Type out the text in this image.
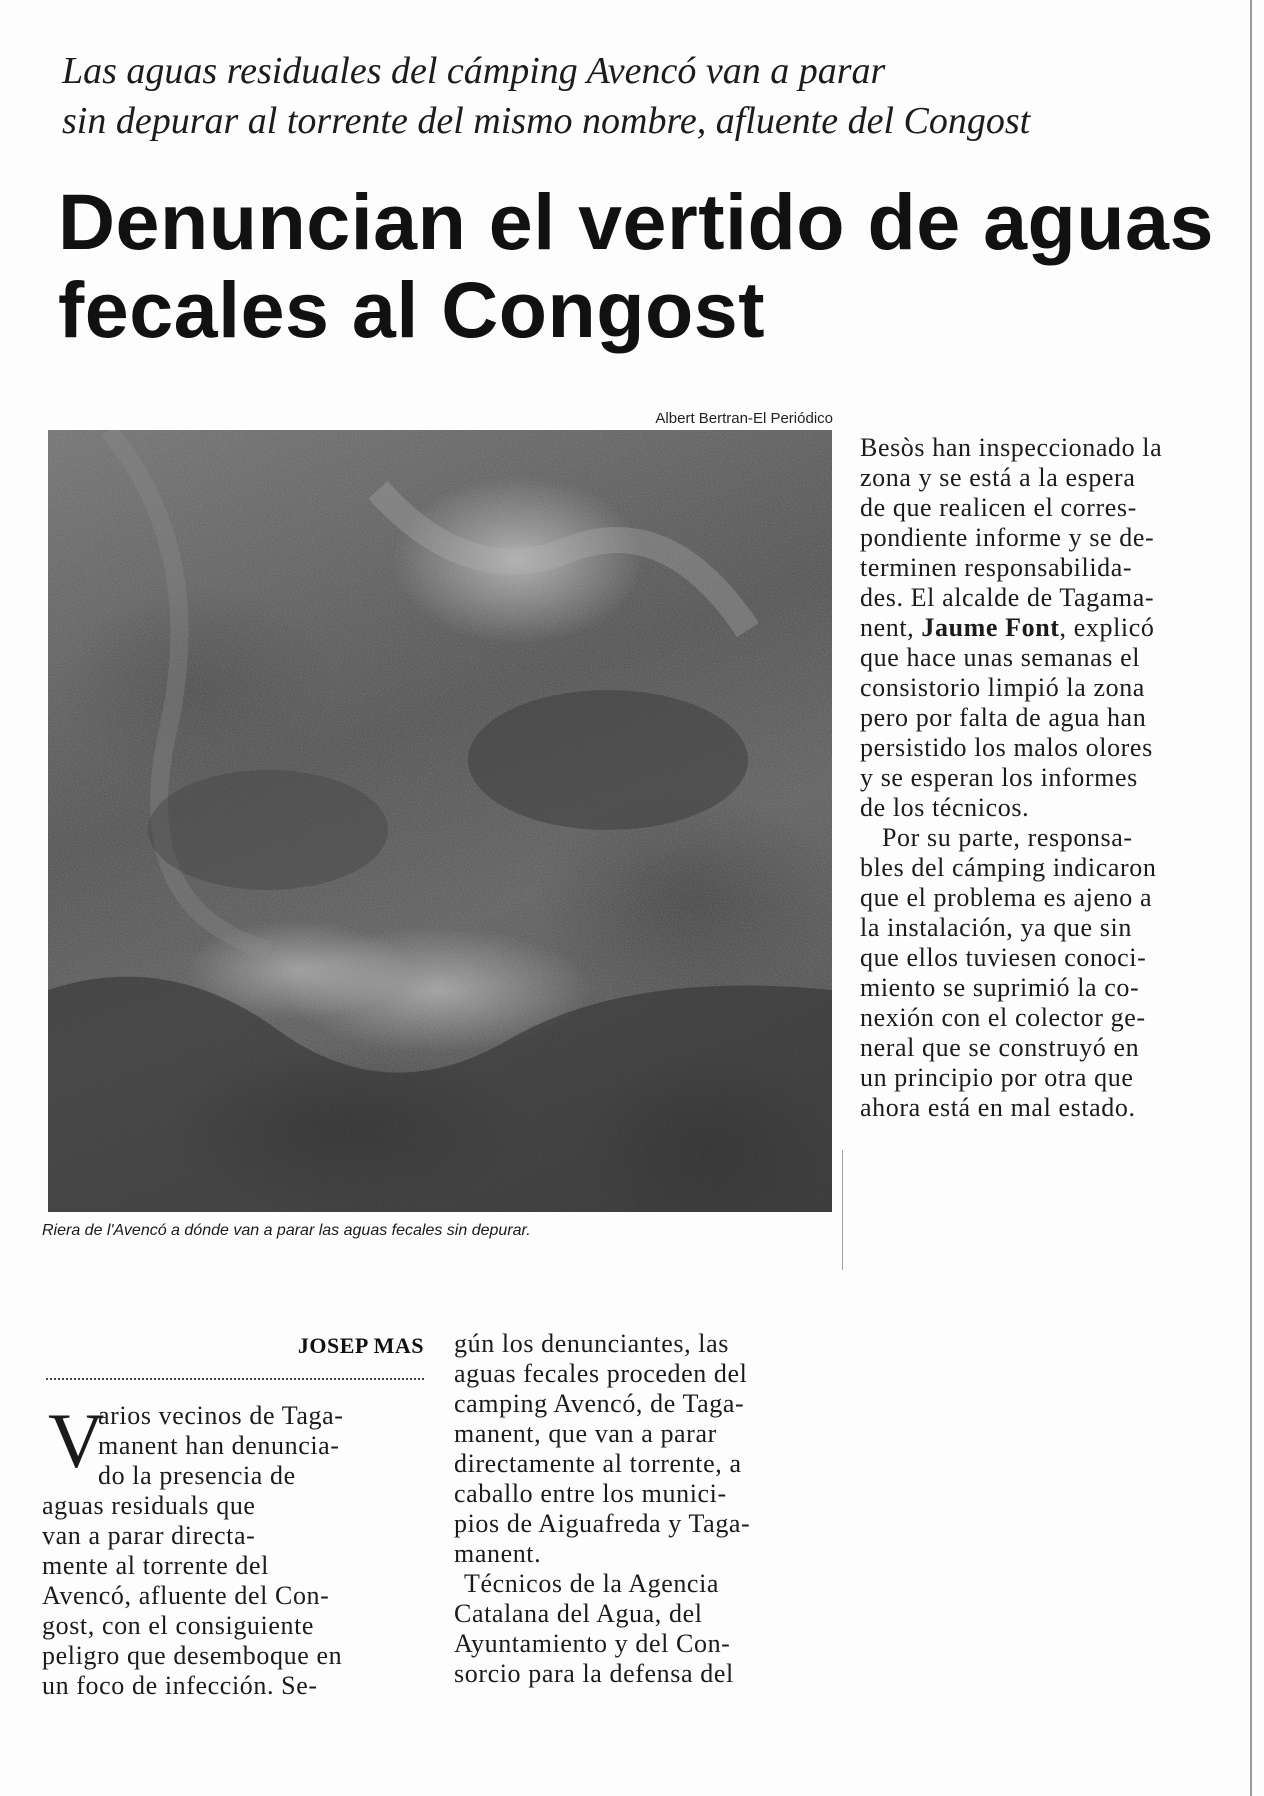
Las aguas residuales del cámping Avencó van a parar
sin depurar al torrente del mismo nombre, afluente del Congost
Denuncian el vertido de aguas
fecales al Congost
Albert Bertran-El Periódico
Riera de l'Avencó a dónde van a parar las aguas fecales sin depurar.
Besòs han inspeccionado la
zona y se está a la espera
de que realicen el corres-
pondiente informe y se de-
terminen responsabilida-
des. El alcalde de Tagama-
nent, Jaume Font, explicó
que hace unas semanas el
consistorio limpió la zona
pero por falta de agua han
persistido los malos olores
y se esperan los informes
de los técnicos.
Por su parte, responsa-
bles del cámping indicaron
que el problema es ajeno a
la instalación, ya que sin
que ellos tuviesen conoci-
miento se suprimió la co-
nexión con el colector ge-
neral que se construyó en
un principio por otra que
ahora está en mal estado.
JOSEP MAS
V
arios vecinos de Taga-
manent han denuncia-
do la presencia de
aguas residuals que
van a parar directa-
mente al torrente del
Avencó, afluente del Con-
gost, con el consiguiente
peligro que desemboque en
un foco de infección. Se-
gún los denunciantes, las
aguas fecales proceden del
camping Avencó, de Taga-
manent, que van a parar
directamente al torrente, a
caballo entre los munici-
pios de Aiguafreda y Taga-
manent.
Técnicos de la Agencia
Catalana del Agua, del
Ayuntamiento y del Con-
sorcio para la defensa del
